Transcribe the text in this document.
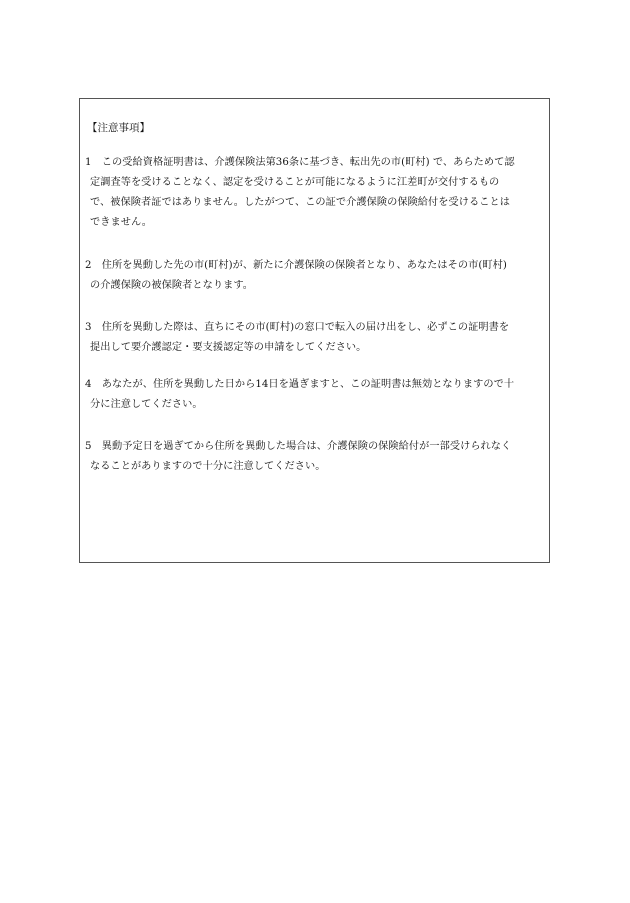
【注意事項】
1　この受給資格証明書は、介護保険法第36条に基づき、転出先の市(町村) で、あらためて認
定調査等を受けることなく、認定を受けることが可能になるように江差町が交付するもの
で、被保険者証ではありません。したがつて、この証で介護保険の保険給付を受けることは
できません。
2　住所を異動した先の市(町村)が、新たに介護保険の保険者となり、あなたはその市(町村)
の介護保険の被保険者となります。
3　住所を異動した際は、直ちにその市(町村)の窓口で転入の届け出をし、必ずこの証明書を
提出して要介護認定・要支援認定等の申請をしてください。
4　あなたが、住所を異動した日から14日を過ぎますと、この証明書は無効となりますので十
分に注意してください。
5　異動予定日を過ぎてから住所を異動した場合は、介護保険の保険給付が一部受けられなく
なることがありますので十分に注意してください。
